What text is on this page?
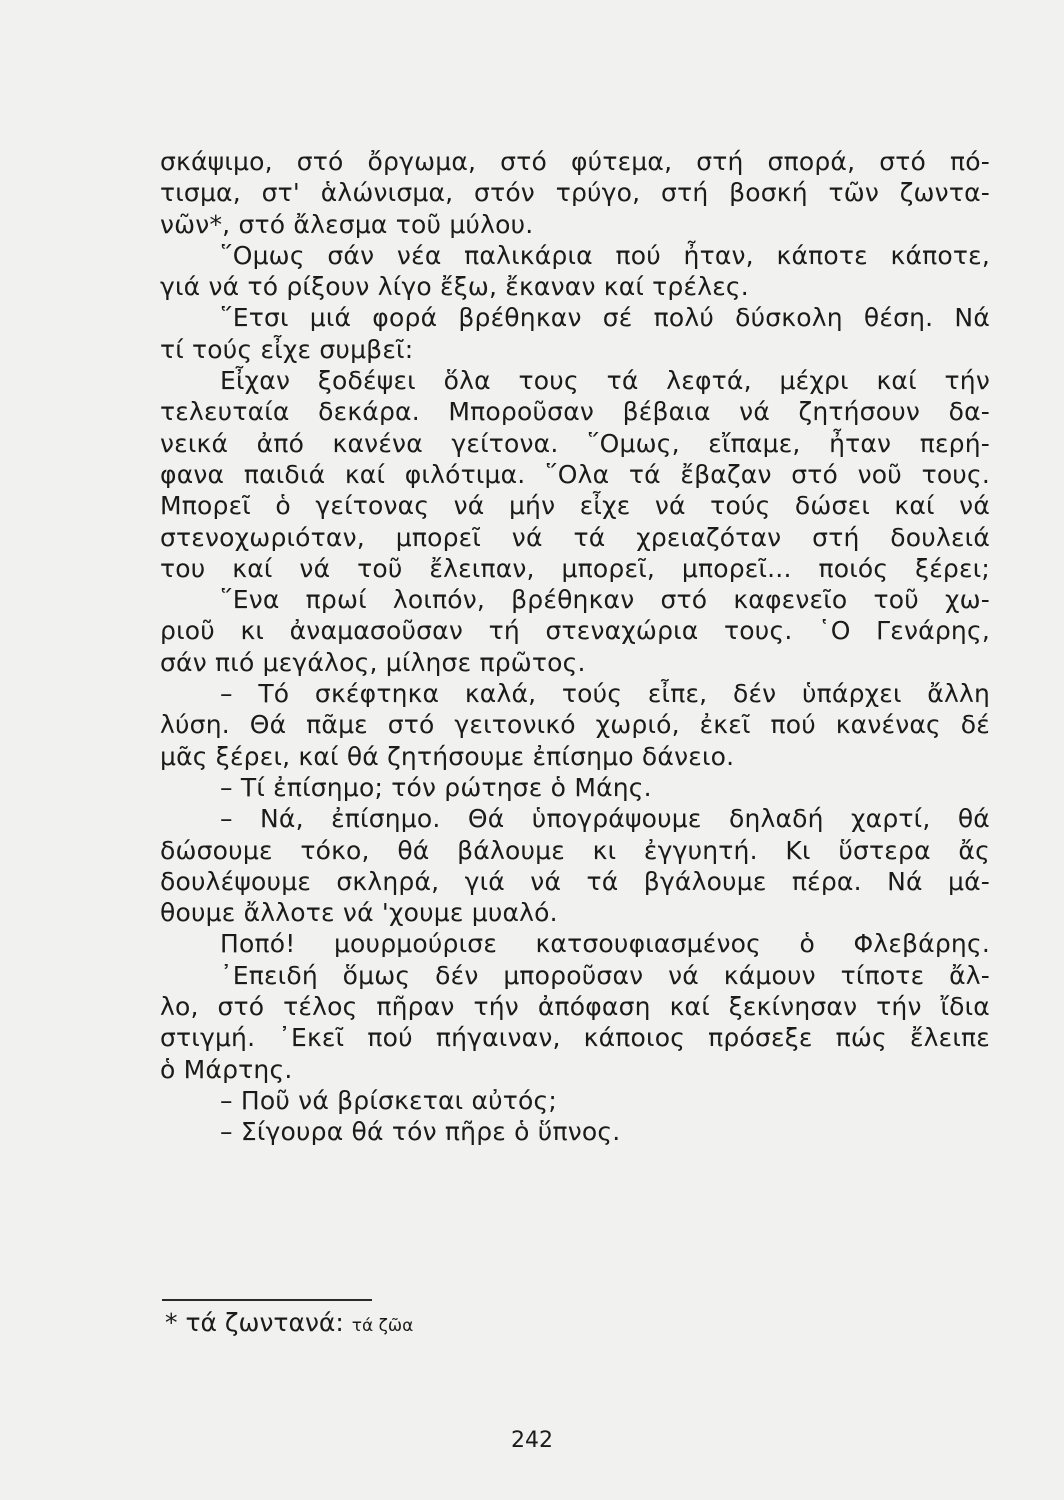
σκάψιμο, στό ὄργωμα, στό φύτεμα, στή σπορά, στό πό-
τισμα, στ' ἁλώνισμα, στόν τρύγο, στή βοσκή τῶν ζωντα-
νῶν*, στό ἄλεσμα τοῦ μύλου.
῞Ομως σάν νέα παλικάρια πού ἦταν, κάποτε κάποτε,
γιά νά τό ρίξουν λίγο ἔξω, ἔκαναν καί τρέλες.
῞Ετσι μιά φορά βρέθηκαν σέ πολύ δύσκολη θέση. Νά
τί τούς εἶχε συμβεῖ:
Εἶχαν ξοδέψει ὅλα τους τά λεφτά, μέχρι καί τήν
τελευταία δεκάρα. Μποροῦσαν βέβαια νά ζητήσουν δα-
νεικά ἀπό κανένα γείτονα. ῞Ομως, εἴπαμε, ἦταν περή-
φανα παιδιά καί φιλότιμα. ῞Ολα τά ἔβαζαν στό νοῦ τους.
Μπορεῖ ὁ γείτονας νά μήν εἶχε νά τούς δώσει καί νά
στενοχωριόταν, μπορεῖ νά τά χρειαζόταν στή δουλειά
του καί νά τοῦ ἔλειπαν, μπορεῖ, μπορεῖ... ποιός ξέρει;
῞Ενα πρωί λοιπόν, βρέθηκαν στό καφενεῖο τοῦ χω-
ριοῦ κι ἀναμασοῦσαν τή στεναχώρια τους. ῾Ο Γενάρης,
σάν πιό μεγάλος, μίλησε πρῶτος.
– Τό σκέφτηκα καλά, τούς εἶπε, δέν ὑπάρχει ἄλλη
λύση. Θά πᾶμε στό γειτονικό χωριό, ἐκεῖ πού κανένας δέ
μᾶς ξέρει, καί θά ζητήσουμε ἐπίσημο δάνειο.
– Τί ἐπίσημο; τόν ρώτησε ὁ Μάης.
– Νά, ἐπίσημο. Θά ὑπογράψουμε δηλαδή χαρτί, θά
δώσουμε τόκο, θά βάλουμε κι ἐγγυητή. Κι ὕστερα ἄς
δουλέψουμε σκληρά, γιά νά τά βγάλουμε πέρα. Νά μά-
θουμε ἄλλοτε νά 'χουμε μυαλό.
Ποπό! μουρμούρισε κατσουφιασμένος ὁ Φλεβάρης.
᾿Επειδή ὅμως δέν μποροῦσαν νά κάμουν τίποτε ἄλ-
λο, στό τέλος πῆραν τήν ἀπόφαση καί ξεκίνησαν τήν ἴδια
στιγμή. ᾿Εκεῖ πού πήγαιναν, κάποιος πρόσεξε πώς ἔλειπε
ὁ Μάρτης.
– Ποῦ νά βρίσκεται αὐτός;
– Σίγουρα θά τόν πῆρε ὁ ὕπνος.
* τά ζωντανά: τά ζῶα
242
